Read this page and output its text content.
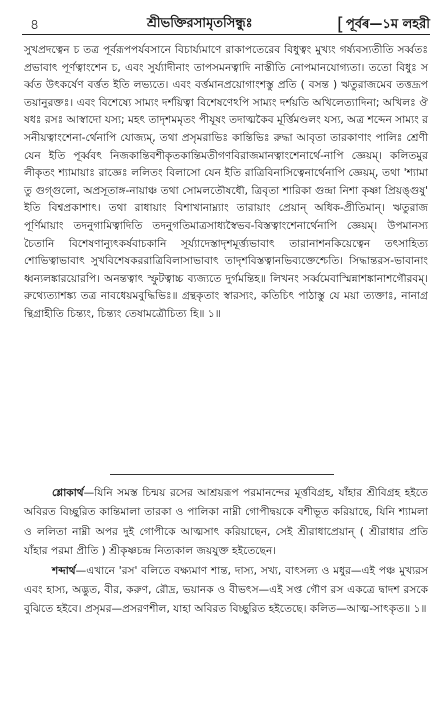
৪	শ্রীভক্তিরসামৃতসিন্ধুঃ	[ পূর্বৰ—১ম লহরী

সুখপ্রদত্বেন চ তত্র পূর্বরূপপর্যবসানে বিচার্য্যমাণে রাকাপতেরেব বিধুত্বং মুখ্যং গর্ষ্যবস্যতীতি সর্ব্বতঃ প্রভাবাৎ পূর্ণত্বাংশেন চ, এবং সুর্য্যাদীনাং তাপসমনত্বাদি নাস্তীতি নোপমানযোগ্যতা। ততো বিধুঃ সর্ব্বত উৎকর্ষেণ বর্ত্তত ইতি লভ্যতে। এবং বর্ত্তমানপ্রয়োগাংশস্তু প্রতি ( বসন্ত ) ঋতুরাজমেব তত্তদ্রূপতয়ানুরক্তঃ। এবং বিশেষ্যে সাম্যং দর্শয়িত্বা বিশেষণেঽপি সাম্যং দর্শয়তি অখিলেত্যাদিনা; অখিলঃ ঔষধঃ রসঃ আস্বাদো যস্য; মহৎ তাদৃশমমৃতং পীযূষং তদাত্মকৈব মূর্ত্তিমণ্ডলং যস্য, অত্র শব্দেন সাম্যং রসনীয়ত্বাংশেনা-র্থেনাপি যোজ্যম্, তথা প্রসৃমরাভিঃ কান্তিভিঃ রুদ্ধা আবৃতা তারকাণাং পালিঃ শ্রেণী যেন ইতি পূর্ব্ববৎ নিজকান্তিবশীকৃতকান্তিমতীগণবিরাজমানত্বাংশেনার্থে-নাপি জ্ঞেয়ম্। কলিতমুরলীকৃতং শ্যামায়াঃ রাজ্ঞেঃ ললিতং বিলাসো যেন ইতি রাত্রিবিনাসিত্বেনার্থেনাপি জ্ঞেয়ম্, তথা 'শ্যামা তু গুগ্গুলো, অপ্রসূতাঙ্গ-নায়াঞ্চ তথা সোমলতৌষধৌ, ত্রিবৃতা শারিকা গুন্দ্রা নিশা কৃষ্ণা প্রিয়ঙ্গুষু' ইতি বিশ্বপ্রকাশাৎ। তথা রাধায়াং বিশাখানাম্ন্যাং তারায়াং প্রেয়ান্ অধিক-প্রীতিমান্। ঋতুরাজপূর্ণিমায়াং তদনুগামিত্বাদিতি তদনুগতিমাত্রসাধ্যস্বৈভব-বিস্তত্বাংশেনার্থেনাপি জ্ঞেয়ম্। উপমানস্য চৈতানি বিশেষণান্যুৎকর্ষবাচকানি সূর্য্যাদেস্তাদৃশমূর্ত্ত্যভাবাৎ তারানাশনকিয়েত্বেন তৎসাহিত্যশোভিত্বাভাবাৎ সুখবিশেষকররাত্রিবিলাসাভাবাৎ তাদৃশবিস্তত্বানভিব্যক্তেশ্চেতি। সিদ্ধান্তরস-ভাবানাং ধ্বন্যলঙ্কারয়োরপি। অনন্তত্বাৎ স্ফুটত্বাচ্চ ব্যজ্যতে দুর্গমন্তিহ॥ লিখনং সর্ব্বমেবাস্মিন্নাশঙ্কানাশগৌরবম্। রুথ্যেত্যাশঙ্ক্য তত্র নাবধেয়মবুদ্ধিভিঃ॥ গ্রন্থকৃতাং স্বারস্যং, কতিচিৎ পাঠাস্তু যে ময়া ত্যক্তাঃ, নানাগ্রন্থিগ্রাহীতি চিন্ত্যং, চিন্ত্যং তেষামত্রৌচিত্য হি॥ ১॥

শ্লোকার্থ—যিনি সমস্ত চিন্ময় রসের আশ্রয়রূপ পরমানন্দের মূর্ত্তবিগ্রহ, যাঁহার শ্রীবিগ্রহ হইতে অবিরত বিচ্ছুরিত কান্তিমালা তারকা ও পালিকা নাম্নী গোপীদ্বয়কে বশীভূত করিয়াছে, যিনি শ্যামলা ও ললিতা নাম্নী অপর দুই গোপীকে আত্মসাৎ করিয়াছেন, সেই শ্রীরাধাপ্রেয়ান্ ( শ্রীরাধার প্রতি যাঁহার পরমা প্রীতি ) শ্রীকৃষ্ণচন্দ্র নিত্যকাল জয়যুক্ত হইতেছেন।

শব্দার্থ—এখানে 'রস' বলিতে বক্ষ্যমাণ শান্ত, দাস্য, সখ্য, বাৎসল্য ও মধুর—এই পঞ্চ মুখ্যরস এবং হাস্য, অদ্ভুত, বীর, করুণ, রৌদ্র, ভয়ানক ও বীভৎস—এই সপ্ত গৌণ রস একত্রে দ্বাদশ রসকে বুঝিতে হইবে। প্রসৃমর—প্রসরণশীল, যাহা অবিরত বিচ্ছুরিত হইতেছে। কলিত—আত্ম-সাৎকৃত॥ ১॥
